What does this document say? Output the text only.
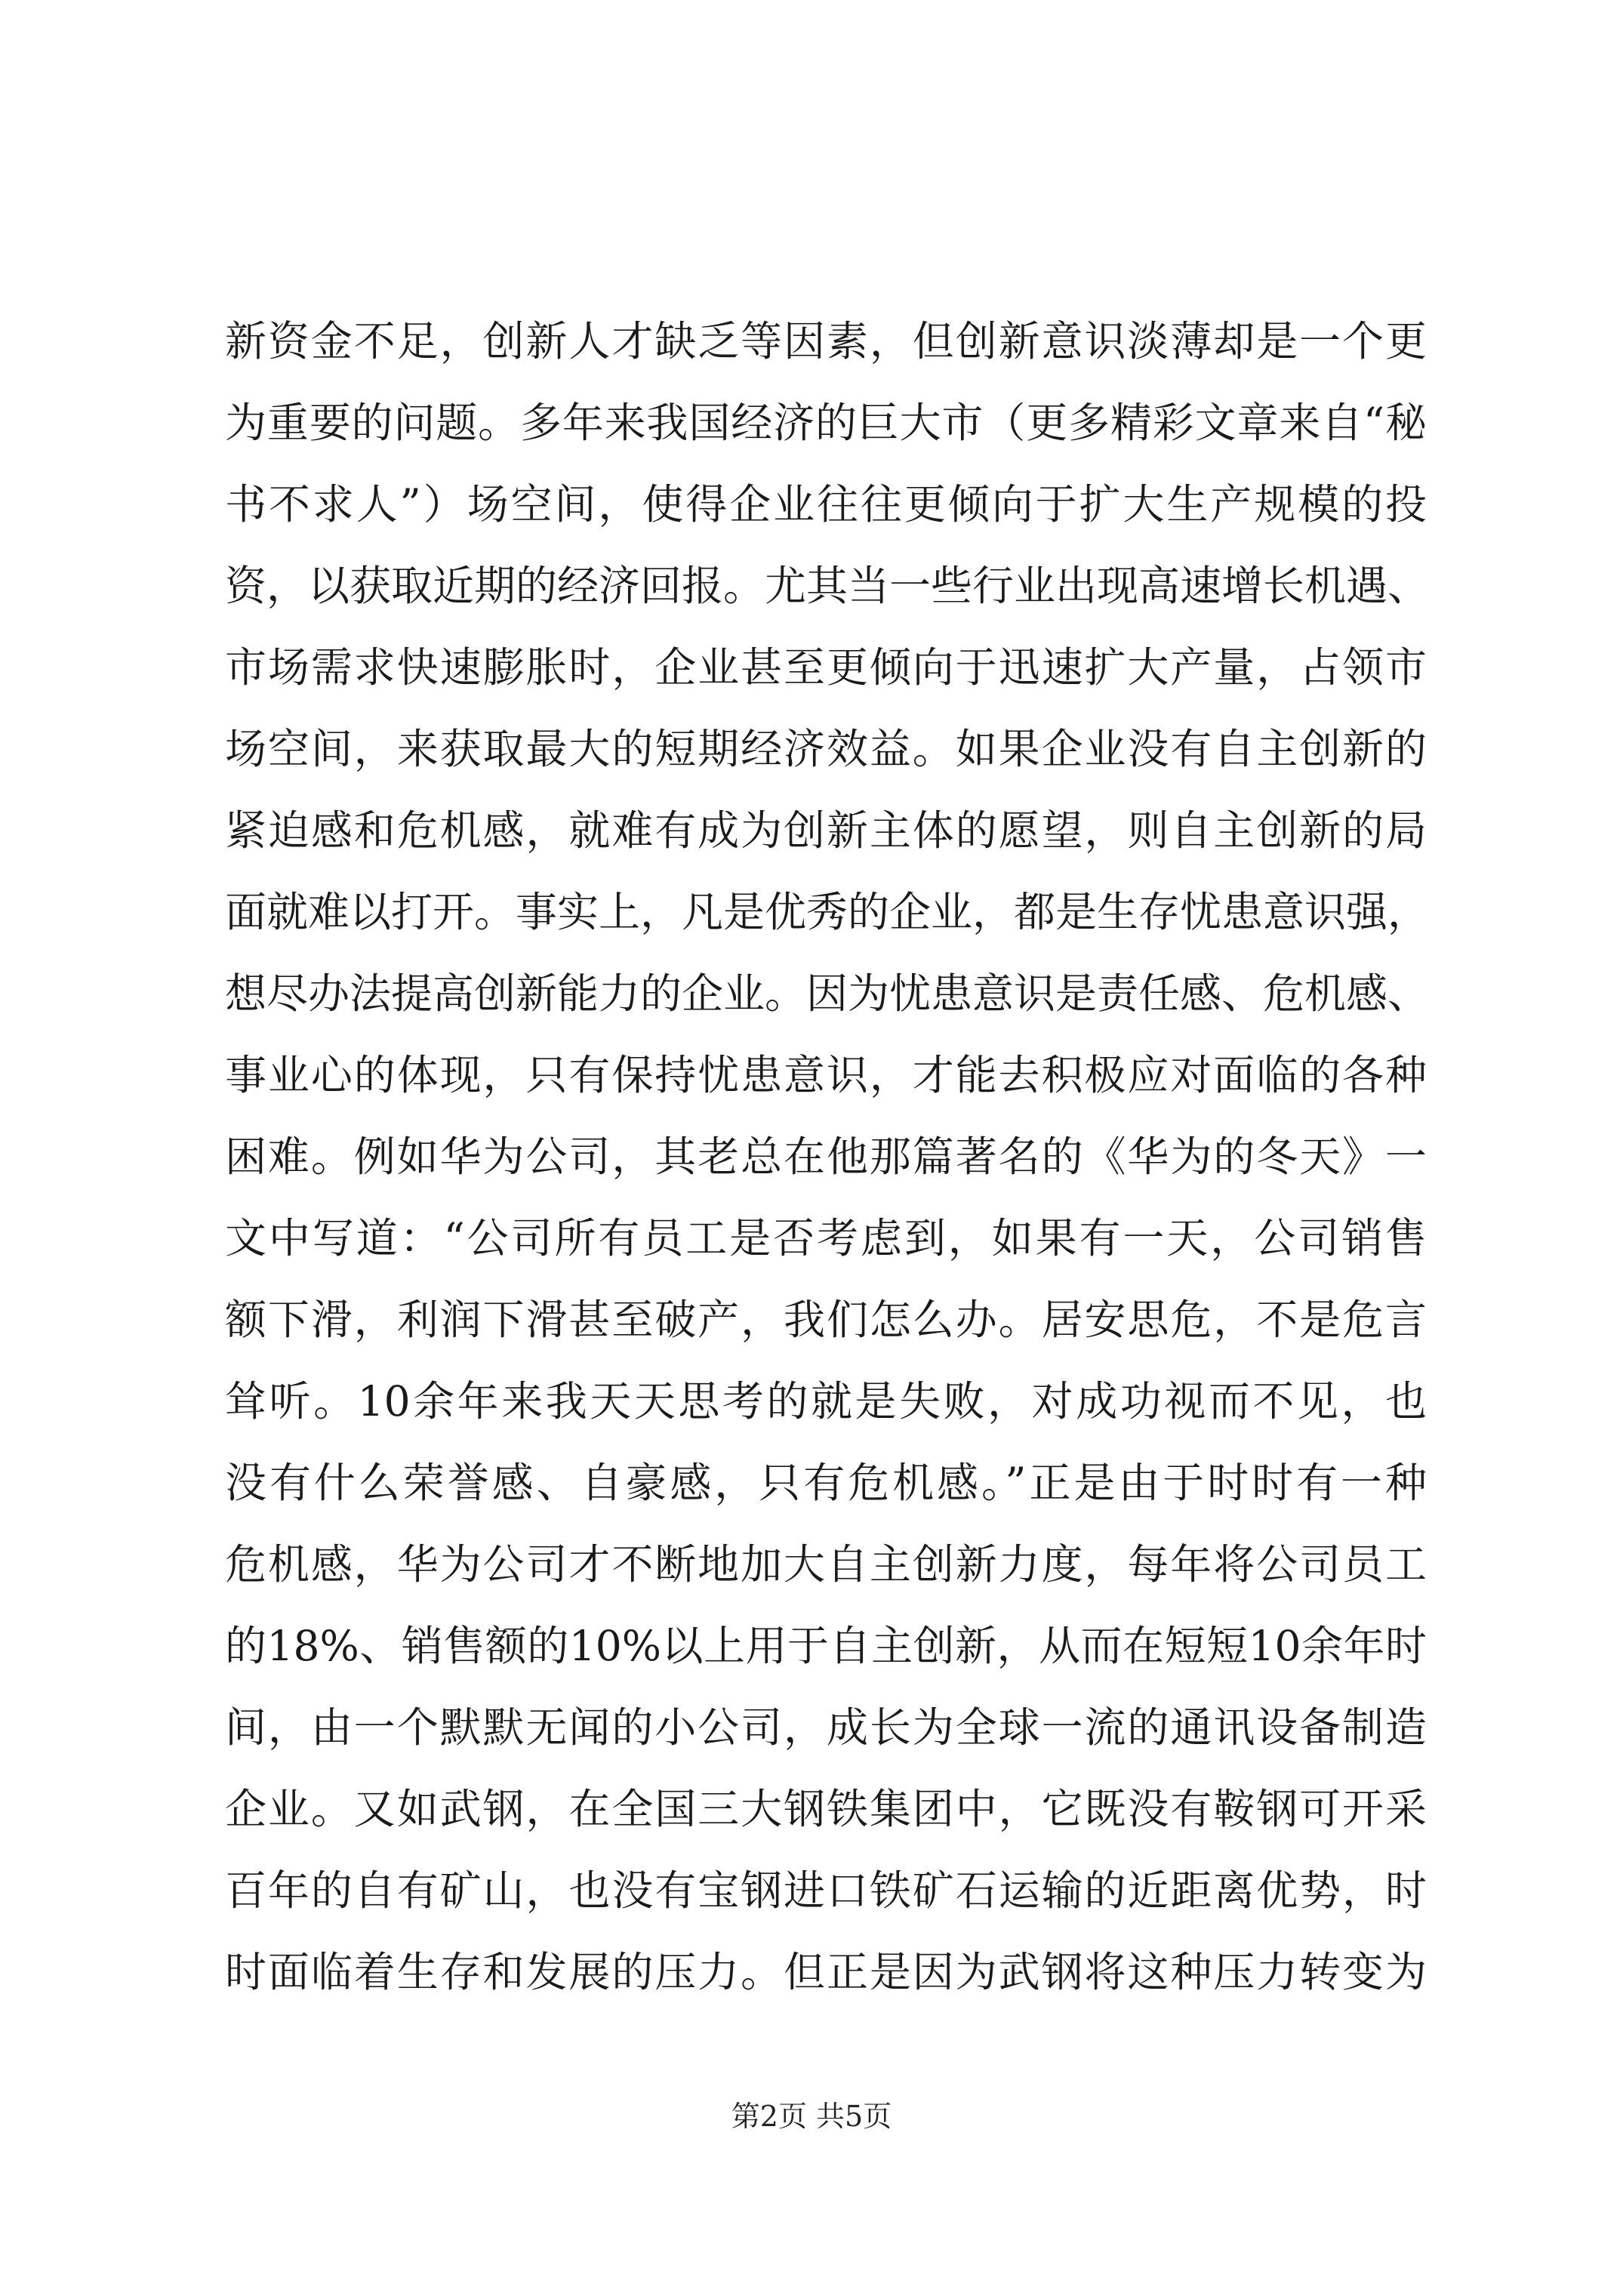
新资金不足，创新人才缺乏等因素，但创新意识淡薄却是一个更
为重要的问题。多年来我国经济的巨大市（更多精彩文章来自“秘
书不求人”）场空间，使得企业往往更倾向于扩大生产规模的投
资，以获取近期的经济回报。尤其当一些行业出现高速增长机遇、
市场需求快速膨胀时，企业甚至更倾向于迅速扩大产量，占领市
场空间，来获取最大的短期经济效益。如果企业没有自主创新的
紧迫感和危机感，就难有成为创新主体的愿望，则自主创新的局
面就难以打开。事实上，凡是优秀的企业，都是生存忧患意识强，
想尽办法提高创新能力的企业。因为忧患意识是责任感、危机感、
事业心的体现，只有保持忧患意识，才能去积极应对面临的各种
困难。例如华为公司，其老总在他那篇著名的《华为的冬天》一
文中写道：“公司所有员工是否考虑到，如果有一天，公司销售
额下滑，利润下滑甚至破产，我们怎么办。居安思危，不是危言
耸听。10余年来我天天思考的就是失败，对成功视而不见，也
没有什么荣誉感、自豪感，只有危机感。”正是由于时时有一种
危机感，华为公司才不断地加大自主创新力度，每年将公司员工
的18%、销售额的10%以上用于自主创新，从而在短短10余年时
间，由一个默默无闻的小公司，成长为全球一流的通讯设备制造
企业。又如武钢，在全国三大钢铁集团中，它既没有鞍钢可开采
百年的自有矿山，也没有宝钢进口铁矿石运输的近距离优势，时
时面临着生存和发展的压力。但正是因为武钢将这种压力转变为
第2页 共5页
